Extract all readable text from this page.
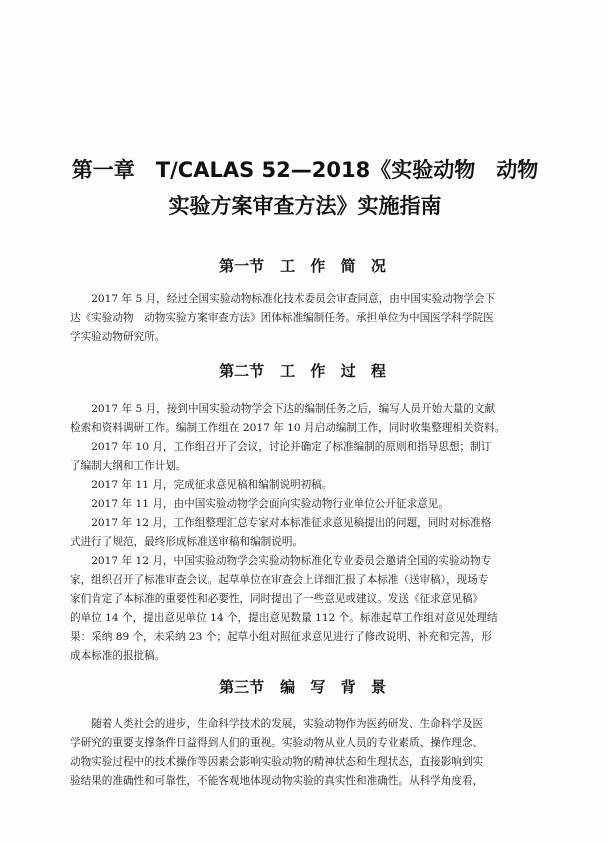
第一章　T/CALAS 52—2018《实验动物　动物
实验方案审查方法》实施指南
第一节 工 作 简 况
2017 年 5 月，经过全国实验动物标准化技术委员会审查同意，由中国实验动物学会下
达《实验动物　动物实验方案审查方法》团体标准编制任务。承担单位为中国医学科学院医
学实验动物研究所。
第二节 工 作 过 程
2017 年 5 月，接到中国实验动物学会下达的编制任务之后，编写人员开始大量的文献
检索和资料调研工作。编制工作组在 2017 年 10 月启动编制工作，同时收集整理相关资料。
2017 年 10 月，工作组召开了会议，讨论并确定了标准编制的原则和指导思想；制订
了编制大纲和工作计划。
2017 年 11 月，完成征求意见稿和编制说明初稿。
2017 年 11 月，由中国实验动物学会面向实验动物行业单位公开征求意见。
2017 年 12 月，工作组整理汇总专家对本标准征求意见稿提出的问题，同时对标准格
式进行了规范，最终形成标准送审稿和编制说明。
2017 年 12 月，中国实验动物学会实验动物标准化专业委员会邀请全国的实验动物专
家，组织召开了标准审查会议。起草单位在审查会上详细汇报了本标准（送审稿），现场专
家们肯定了本标准的重要性和必要性，同时提出了一些意见或建议。发送《征求意见稿》
的单位 14 个，提出意见单位 14 个，提出意见数量 112 个。标准起草工作组对意见处理结
果：采纳 89 个，未采纳 23 个；起草小组对照征求意见进行了修改说明、补充和完善，形
成本标准的报批稿。
第三节 编 写 背 景
随着人类社会的进步，生命科学技术的发展，实验动物作为医药研发、生命科学及医
学研究的重要支撑条件日益得到人们的重视。实验动物从业人员的专业素质、操作理念、
动物实验过程中的技术操作等因素会影响实验动物的精神状态和生理状态，直接影响到实
验结果的准确性和可靠性，不能客观地体现动物实验的真实性和准确性。从科学角度看，
